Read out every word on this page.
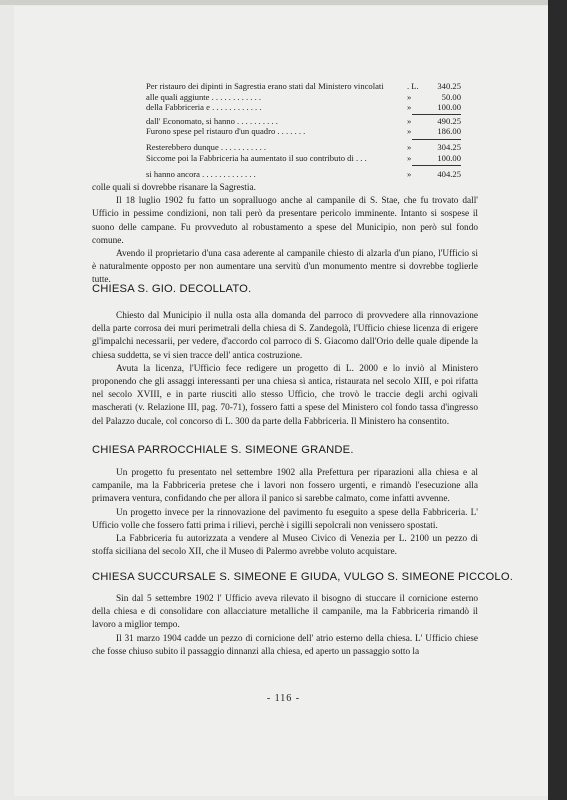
Per ristauro dei dipinti in Sagrestia erano stati dal Ministero vincolati	. L. 340.25
alle quali aggiunte . . . . . . . . . . . .	»	50.00
della Fabbriceria e . . . . . . . . . . . .	»	100.00
dall' Economato, si hanno . . . . . . . . . .	»	490.25
Furono spese pel ristauro d'un quadro . . . . . . .	»	186.00
Resterebbero dunque . . . . . . . . . . .	»	304.25
Siccome poi la Fabbriceria ha aumentato il suo contributo di . . .	»	100.00
si hanno ancora . . . . . . . . . . . . .	»	404.25

colle quali si dovrebbe risanare la Sagrestia.

Il 18 luglio 1902 fu fatto un sopralluogo anche al campanile di S. Stae, che fu trovato dall' Ufficio in pessime condizioni, non tali però da presentare pericolo imminente. Intanto si sospese il suono delle campane. Fu provveduto al robustamento a spese del Municipio, non però sul fondo comune.

Avendo il proprietario d'una casa aderente al campanile chiesto di alzarla d'un piano, l'Ufficio si è naturalmente opposto per non aumentare una servitù d'un monumento mentre si dovrebbe toglierle tutte.

CHIESA S. GIO. DECOLLATO.

Chiesto dal Municipio il nulla osta alla domanda del parroco di provvedere alla rinnovazione della parte corrosa dei muri perimetrali della chiesa di S. Zandegolà, l'Ufficio chiese licenza di erigere gl'impalchi necessarii, per vedere, d'accordo col parroco di S. Giacomo dall'Orio delle quale dipende la chiesa suddetta, se vi sien tracce dell' antica costruzione.

Avuta la licenza, l'Ufficio fece redigere un progetto di L. 2000 e lo inviò al Ministero proponendo che gli assaggi interessanti per una chiesa sì antica, ristaurata nel secolo XIII, e poi rifatta nel secolo XVIII, e in parte riusciti allo stesso Ufficio, che trovò le traccie degli archi ogivali mascherati (v. Relazione III, pag. 70-71), fossero fatti a spese del Ministero col fondo tassa d'ingresso del Palazzo ducale, col concorso di L. 300 da parte della Fabbriceria. Il Ministero ha consentito.

CHIESA PARROCCHIALE S. SIMEONE GRANDE.

Un progetto fu presentato nel settembre 1902 alla Prefettura per riparazioni alla chiesa e al campanile, ma la Fabbriceria pretese che i lavori non fossero urgenti, e rimandò l'esecuzione alla primavera ventura, confidando che per allora il panico si sarebbe calmato, come infatti avvenne.

Un progetto invece per la rinnovazione del pavimento fu eseguito a spese della Fabbriceria. L' Ufficio volle che fossero fatti prima i rilievi, perchè i sigilli sepolcrali non venissero spostati.

La Fabbriceria fu autorizzata a vendere al Museo Civico di Venezia per L. 2100 un pezzo di stoffa siciliana del secolo XII, che il Museo di Palermo avrebbe voluto acquistare.

CHIESA SUCCURSALE S. SIMEONE E GIUDA, VULGO S. SIMEONE PICCOLO.

Sin dal 5 settembre 1902 l' Ufficio aveva rilevato il bisogno di stuccare il cornicione esterno della chiesa e di consolidare con allacciature metalliche il campanile, ma la Fabbriceria rimandò il lavoro a miglior tempo.

Il 31 marzo 1904 cadde un pezzo di cornicione dell' atrio esterno della chiesa. L' Ufficio chiese che fosse chiuso subito il passaggio dinnanzi alla chiesa, ed aperto un passaggio sotto la

- 116 -
